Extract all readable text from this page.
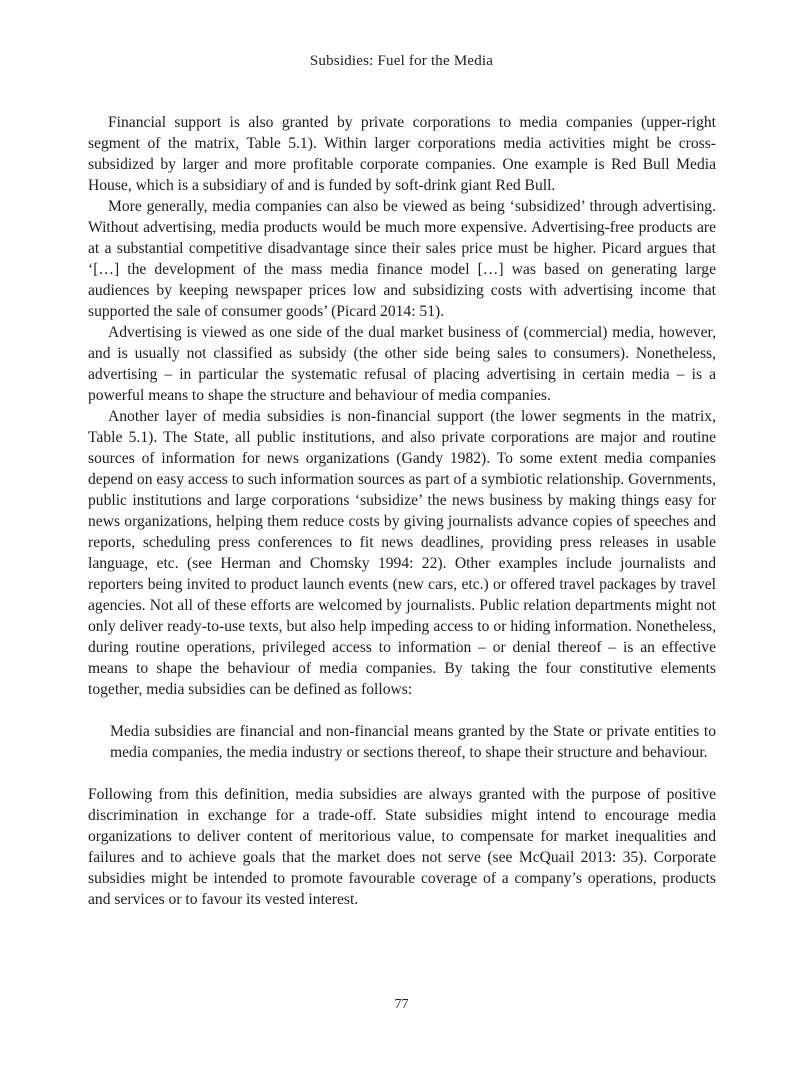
Subsidies: Fuel for the Media

Financial support is also granted by private corporations to media companies (upper-right segment of the matrix, Table 5.1). Within larger corporations media activities might be cross-subsidized by larger and more profitable corporate companies. One example is Red Bull Media House, which is a subsidiary of and is funded by soft-drink giant Red Bull.

More generally, media companies can also be viewed as being ‘subsidized’ through advertising. Without advertising, media products would be much more expensive. Advertising-free products are at a substantial competitive disadvantage since their sales price must be higher. Picard argues that ‘[…] the development of the mass media finance model […] was based on generating large audiences by keeping newspaper prices low and subsidizing costs with advertising income that supported the sale of consumer goods’ (Picard 2014: 51).

Advertising is viewed as one side of the dual market business of (commercial) media, however, and is usually not classified as subsidy (the other side being sales to consumers). Nonetheless, advertising – in particular the systematic refusal of placing advertising in certain media – is a powerful means to shape the structure and behaviour of media companies.

Another layer of media subsidies is non-financial support (the lower segments in the matrix, Table 5.1). The State, all public institutions, and also private corporations are major and routine sources of information for news organizations (Gandy 1982). To some extent media companies depend on easy access to such information sources as part of a symbiotic relationship. Governments, public institutions and large corporations ‘subsidize’ the news business by making things easy for news organizations, helping them reduce costs by giving journalists advance copies of speeches and reports, scheduling press conferences to fit news deadlines, providing press releases in usable language, etc. (see Herman and Chomsky 1994: 22). Other examples include journalists and reporters being invited to product launch events (new cars, etc.) or offered travel packages by travel agencies. Not all of these efforts are welcomed by journalists. Public relation departments might not only deliver ready-to-use texts, but also help impeding access to or hiding information. Nonetheless, during routine operations, privileged access to information – or denial thereof – is an effective means to shape the behaviour of media companies. By taking the four constitutive elements together, media subsidies can be defined as follows:

Media subsidies are financial and non-financial means granted by the State or private entities to media companies, the media industry or sections thereof, to shape their structure and behaviour.

Following from this definition, media subsidies are always granted with the purpose of positive discrimination in exchange for a trade-off. State subsidies might intend to encourage media organizations to deliver content of meritorious value, to compensate for market inequalities and failures and to achieve goals that the market does not serve (see McQuail 2013: 35). Corporate subsidies might be intended to promote favourable coverage of a company’s operations, products and services or to favour its vested interest.

77
